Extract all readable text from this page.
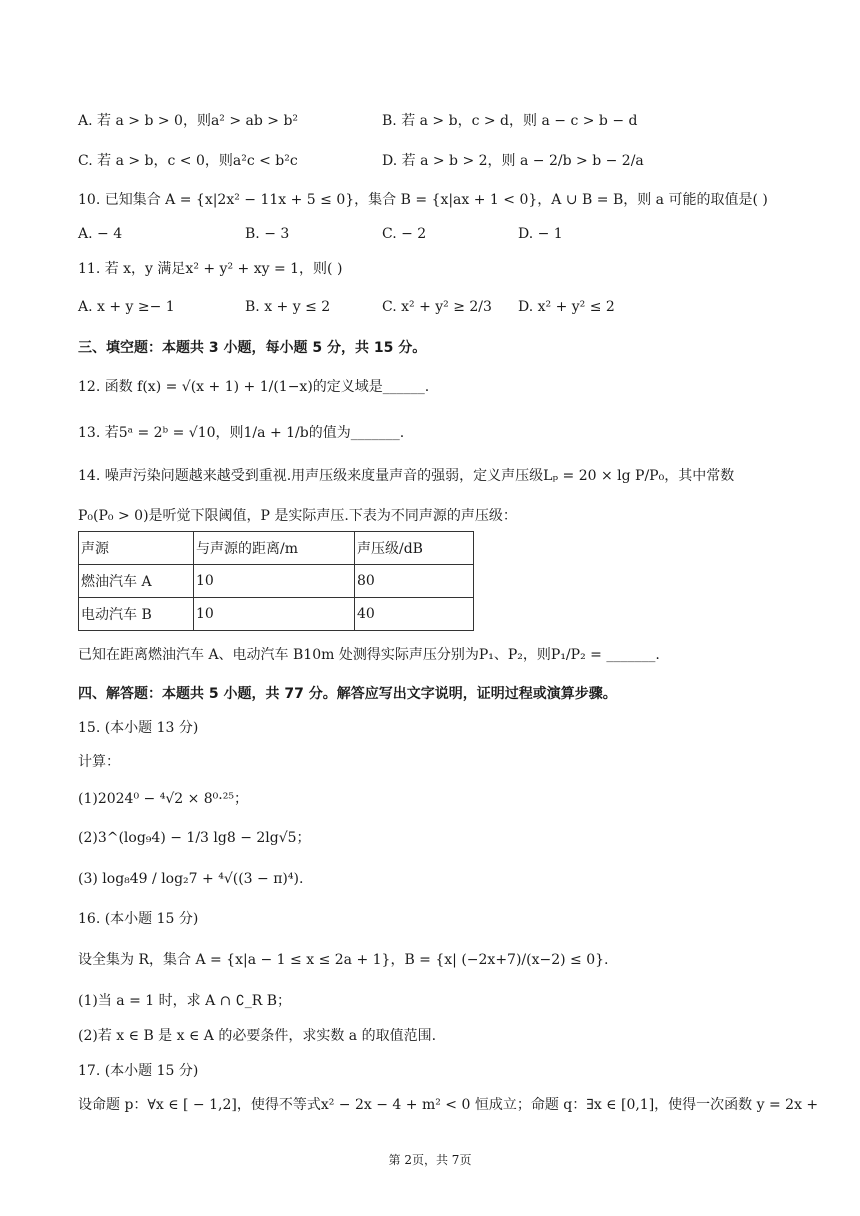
A. 若 a > b > 0，则a² > ab > b²	B. 若 a > b，c > d，则 a − c > b − d
C. 若 a > b，c < 0，则a²c < b²c	D. 若 a > b > 2，则 a − 2/b > b − 2/a
10. 已知集合 A = {x|2x² − 11x + 5 ≤ 0}，集合 B = {x|ax + 1 < 0}，A ∪ B = B，则 a 可能的取值是( )
A. − 4	B. − 3	C. − 2	D. − 1
11. 若 x，y 满足x² + y² + xy = 1，则( )
A. x + y ≥− 1	B. x + y ≤ 2	C. x² + y² ≥ 2/3 D. x² + y² ≤ 2
三、填空题：本题共 3 小题，每小题 5 分，共 15 分。
12. 函数 f(x) = √(x + 1) + 1/(1−x)的定义域是______.
13. 若5ᵃ = 2ᵇ = √10，则1/a + 1/b的值为_______.
14. 噪声污染问题越来越受到重视.用声压级来度量声音的强弱，定义声压级Lₚ = 20 × lg P/P₀，其中常数
P₀(P₀ > 0)是听觉下限阈值，P 是实际声压.下表为不同声源的声压级：
声源	与声源的距离/m	声压级/dB
燃油汽车 A	10	80
电动汽车 B	10	40
已知在距离燃油汽车 A、电动汽车 B10m 处测得实际声压分别为P₁、P₂，则P₁/P₂ = _______.
四、解答题：本题共 5 小题，共 77 分。解答应写出文字说明，证明过程或演算步骤。
15. (本小题 13 分)
计算：
(1)2024⁰ − ⁴√2 × 8⁰·²⁵；
(2)3^(log₉4) − 1/3 lg8 − 2lg√5；
(3) log₈49 / log₂7 + ⁴√((3 − π)⁴).
16. (本小题 15 分)
设全集为 R，集合 A = {x|a − 1 ≤ x ≤ 2a + 1}，B = {x| (−2x+7)/(x−2) ≤ 0}.
(1)当 a = 1 时，求 A ∩ ∁_R B；
(2)若 x ∈ B 是 x ∈ A 的必要条件，求实数 a 的取值范围.
17. (本小题 15 分)
设命题 p：∀x ∈ [ − 1,2]，使得不等式x² − 2x − 4 + m² < 0 恒成立；命题 q：∃x ∈ [0,1]，使得一次函数 y = 2x +
第 2页，共 7页
